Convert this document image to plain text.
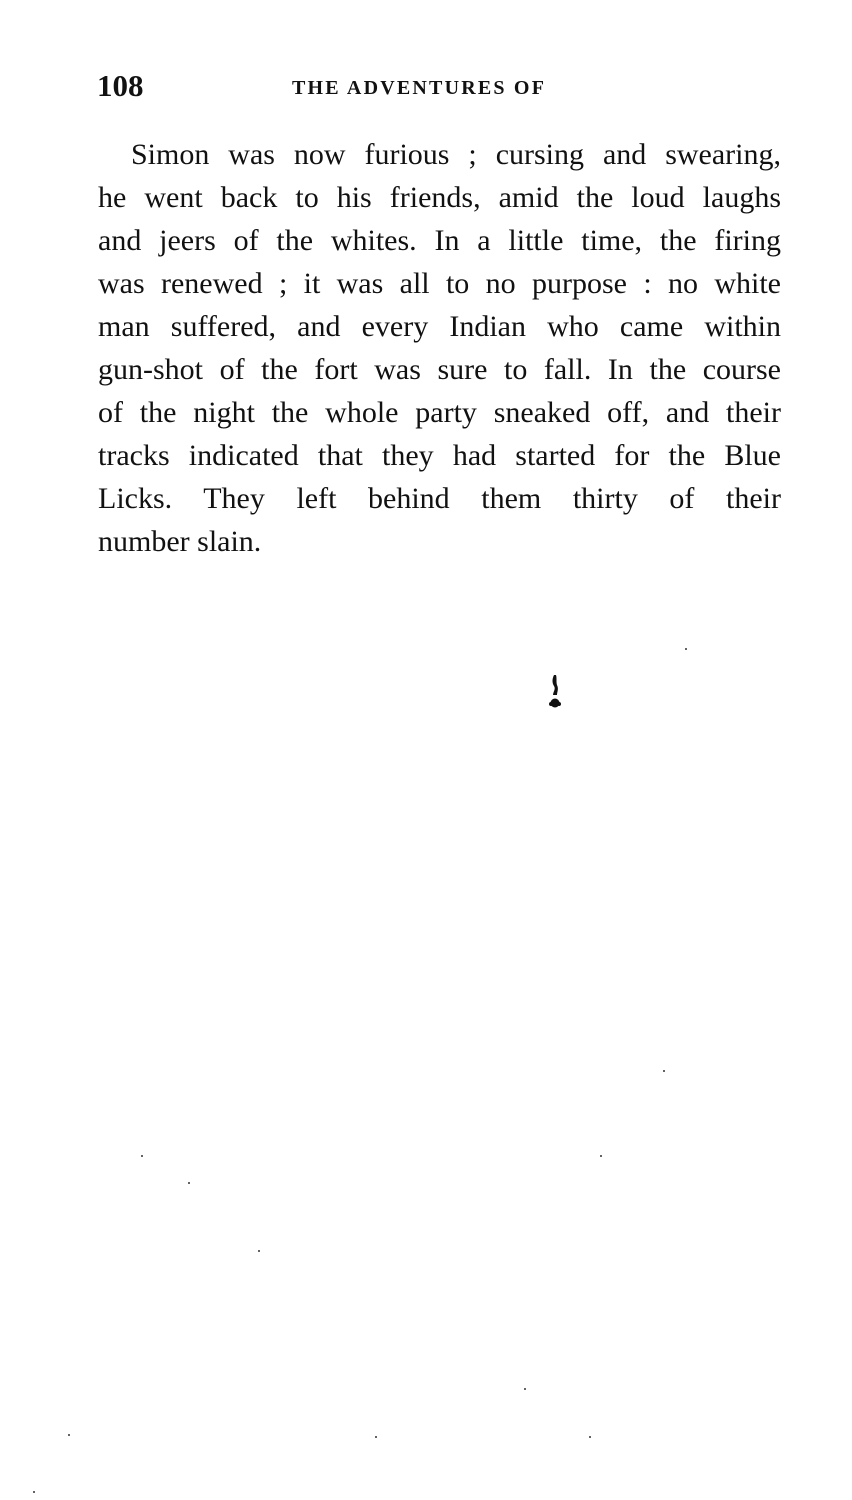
108	THE ADVENTURES OF
Simon was now furious ; cursing and swearing,
he went back to his friends, amid the loud laughs
and jeers of the whites. In a little time, the firing
was renewed ; it was all to no purpose : no white
man suffered, and every Indian who came within
gun-shot of the fort was sure to fall. In the course
of the night the whole party sneaked off, and their
tracks indicated that they had started for the Blue
Licks. They left behind them thirty of their
number slain.
